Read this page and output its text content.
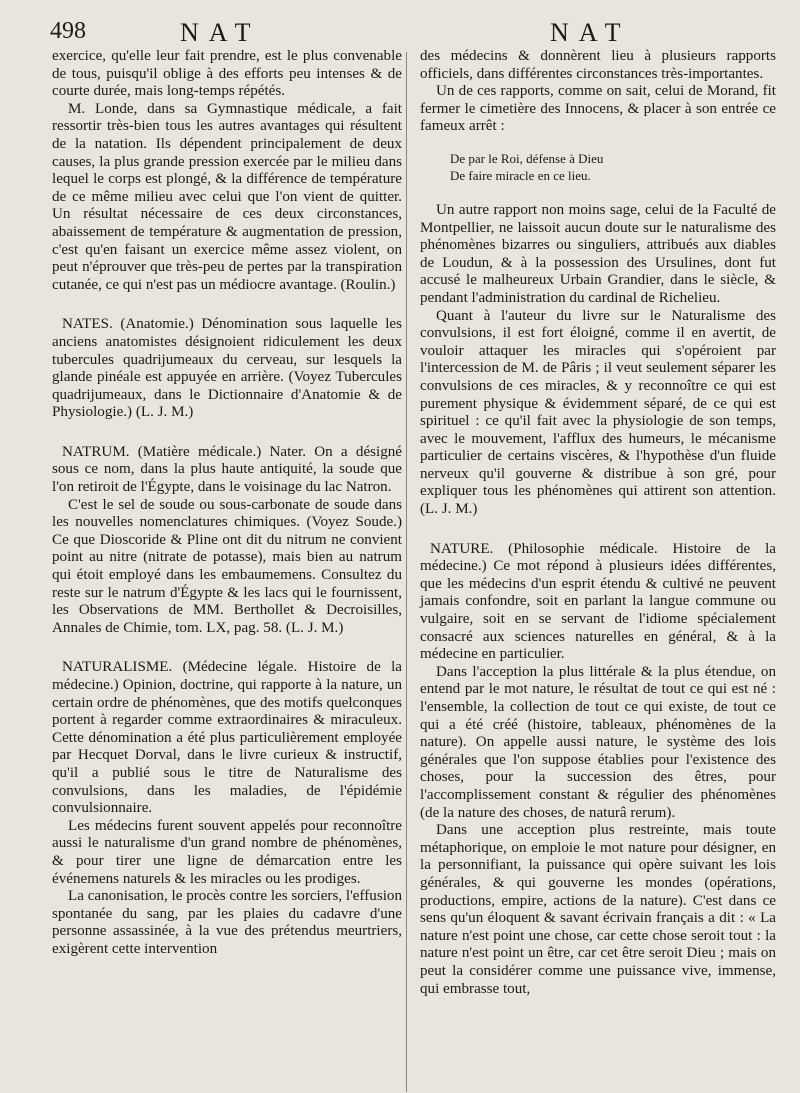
498	NAT	NAT

exercice, qu'elle leur fait prendre, est le plus convenable de tous, puisqu'il oblige à des efforts peu intenses & de courte durée, mais long-temps répétés.

M. Londe, dans sa Gymnastique médicale, a fait ressortir très-bien tous les autres avantages qui résultent de la natation. Ils dépendent principalement de deux causes, la plus grande pression exercée par le milieu dans lequel le corps est plongé, & la différence de température de ce même milieu avec celui que l'on vient de quitter. Un résultat nécessaire de ces deux circonstances, abaissement de température & augmentation de pression, c'est qu'en faisant un exercice même assez violent, on peut n'éprouver que très-peu de pertes par la transpiration cutanée, ce qui n'est pas un médiocre avantage. (Roulin.)

NATES. (Anatomie.) Dénomination sous laquelle les anciens anatomistes désignoient ridiculement les deux tubercules quadrijumeaux du cerveau, sur lesquels la glande pinéale est appuyée en arrière. (Voyez Tubercules quadrijumeaux, dans le Dictionnaire d'Anatomie & de Physiologie.) (L. J. M.)

NATRUM. (Matière médicale.) Nater. On a désigné sous ce nom, dans la plus haute antiquité, la soude que l'on retiroit de l'Égypte, dans le voisinage du lac Natron.

C'est le sel de soude ou sous-carbonate de soude dans les nouvelles nomenclatures chimiques. (Voyez Soude.) Ce que Dioscoride & Pline ont dit du nitrum ne convient point au nitre (nitrate de potasse), mais bien au natrum qui étoit employé dans les embaumemens. Consultez du reste sur le natrum d'Égypte & les lacs qui le fournissent, les Observations de MM. Berthollet & Decroisilles, Annales de Chimie, tom. LX, pag. 58. (L. J. M.)

NATURALISME. (Médecine légale. Histoire de la médecine.) Opinion, doctrine, qui rapporte à la nature, un certain ordre de phénomènes, que des motifs quelconques portent à regarder comme extraordinaires & miraculeux. Cette dénomination a été plus particulièrement employée par Hecquet Dorval, dans le livre curieux & instructif, qu'il a publié sous le titre de Naturalisme des convulsions, dans les maladies, de l'épidémie convulsionnaire.

Les médecins furent souvent appelés pour reconnoître aussi le naturalisme d'un grand nombre de phénomènes, & pour tirer une ligne de démarcation entre les événemens naturels & les miracles ou les prodiges.

La canonisation, le procès contre les sorciers, l'effusion spontanée du sang, par les plaies du cadavre d'une personne assassinée, à la vue des prétendus meurtriers, exigèrent cette intervention

des médecins & donnèrent lieu à plusieurs rapports officiels, dans différentes circonstances très-importantes.

Un de ces rapports, comme on sait, celui de Morand, fit fermer le cimetière des Innocens, & placer à son entrée ce fameux arrêt :

De par le Roi, défense à Dieu
De faire miracle en ce lieu.

Un autre rapport non moins sage, celui de la Faculté de Montpellier, ne laissoit aucun doute sur le naturalisme des phénomènes bizarres ou singuliers, attribués aux diables de Loudun, & à la possession des Ursulines, dont fut accusé le malheureux Urbain Grandier, dans le siècle, & pendant l'administration du cardinal de Richelieu.

Quant à l'auteur du livre sur le Naturalisme des convulsions, il est fort éloigné, comme il en avertit, de vouloir attaquer les miracles qui s'opéroient par l'intercession de M. de Pâris ; il veut seulement séparer les convulsions de ces miracles, & y reconnoître ce qui est purement physique & évidemment séparé, de ce qui est spirituel : ce qu'il fait avec la physiologie de son temps, avec le mouvement, l'afflux des humeurs, le mécanisme particulier de certains viscères, & l'hypothèse d'un fluide nerveux qu'il gouverne & distribue à son gré, pour expliquer tous les phénomènes qui attirent son attention. (L. J. M.)

NATURE. (Philosophie médicale. Histoire de la médecine.) Ce mot répond à plusieurs idées différentes, que les médecins d'un esprit étendu & cultivé ne peuvent jamais confondre, soit en parlant la langue commune ou vulgaire, soit en se servant de l'idiome spécialement consacré aux sciences naturelles en général, & à la médecine en particulier.

Dans l'acception la plus littérale & la plus étendue, on entend par le mot nature, le résultat de tout ce qui est né : l'ensemble, la collection de tout ce qui existe, de tout ce qui a été créé (histoire, tableaux, phénomènes de la nature). On appelle aussi nature, le système des lois générales que l'on suppose établies pour l'existence des choses, pour la succession des êtres, pour l'accomplissement constant & régulier des phénomènes (de la nature des choses, de naturâ rerum).

Dans une acception plus restreinte, mais toute métaphorique, on emploie le mot nature pour désigner, en la personnifiant, la puissance qui opère suivant les lois générales, & qui gouverne les mondes (opérations, productions, empire, actions de la nature). C'est dans ce sens qu'un éloquent & savant écrivain français a dit : « La nature n'est point une chose, car cette chose seroit tout : la nature n'est point un être, car cet être seroit Dieu ; mais on peut la considérer comme une puissance vive, immense, qui embrasse tout,
